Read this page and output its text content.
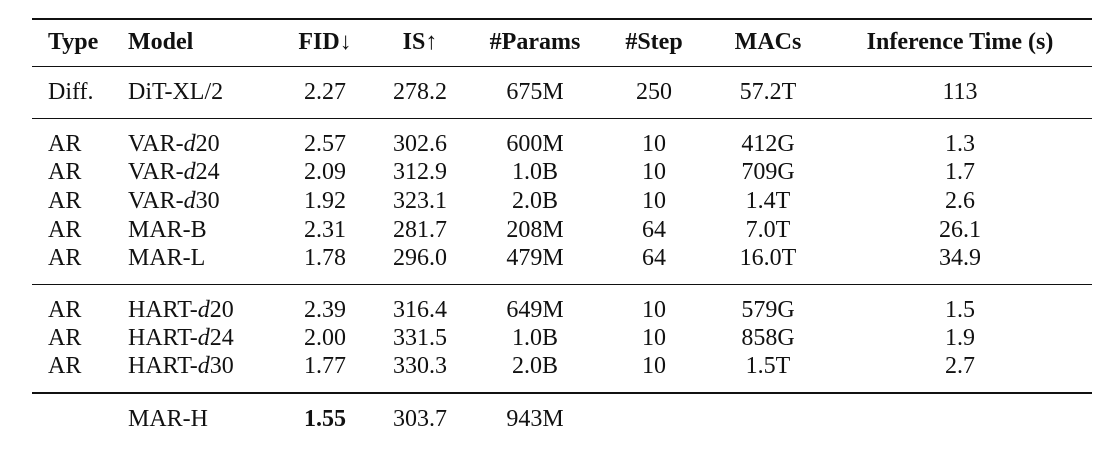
Type	Model	FID↓	IS↑	#Params	#Step	MACs	Inference Time (s)
Diff.	DiT-XL/2	2.27	278.2	675M	250	57.2T	113
AR	VAR-d20	2.57	302.6	600M	10	412G	1.3
AR	VAR-d24	2.09	312.9	1.0B	10	709G	1.7
AR	VAR-d30	1.92	323.1	2.0B	10	1.4T	2.6
AR	MAR-B	2.31	281.7	208M	64	7.0T	26.1
AR	MAR-L	1.78	296.0	479M	64	16.0T	34.9
AR	HART-d20	2.39	316.4	649M	10	579G	1.5
AR	HART-d24	2.00	331.5	1.0B	10	858G	1.9
AR	HART-d30	1.77	330.3	2.0B	10	1.5T	2.7
	MAR-H	1.55	303.7	943M			
